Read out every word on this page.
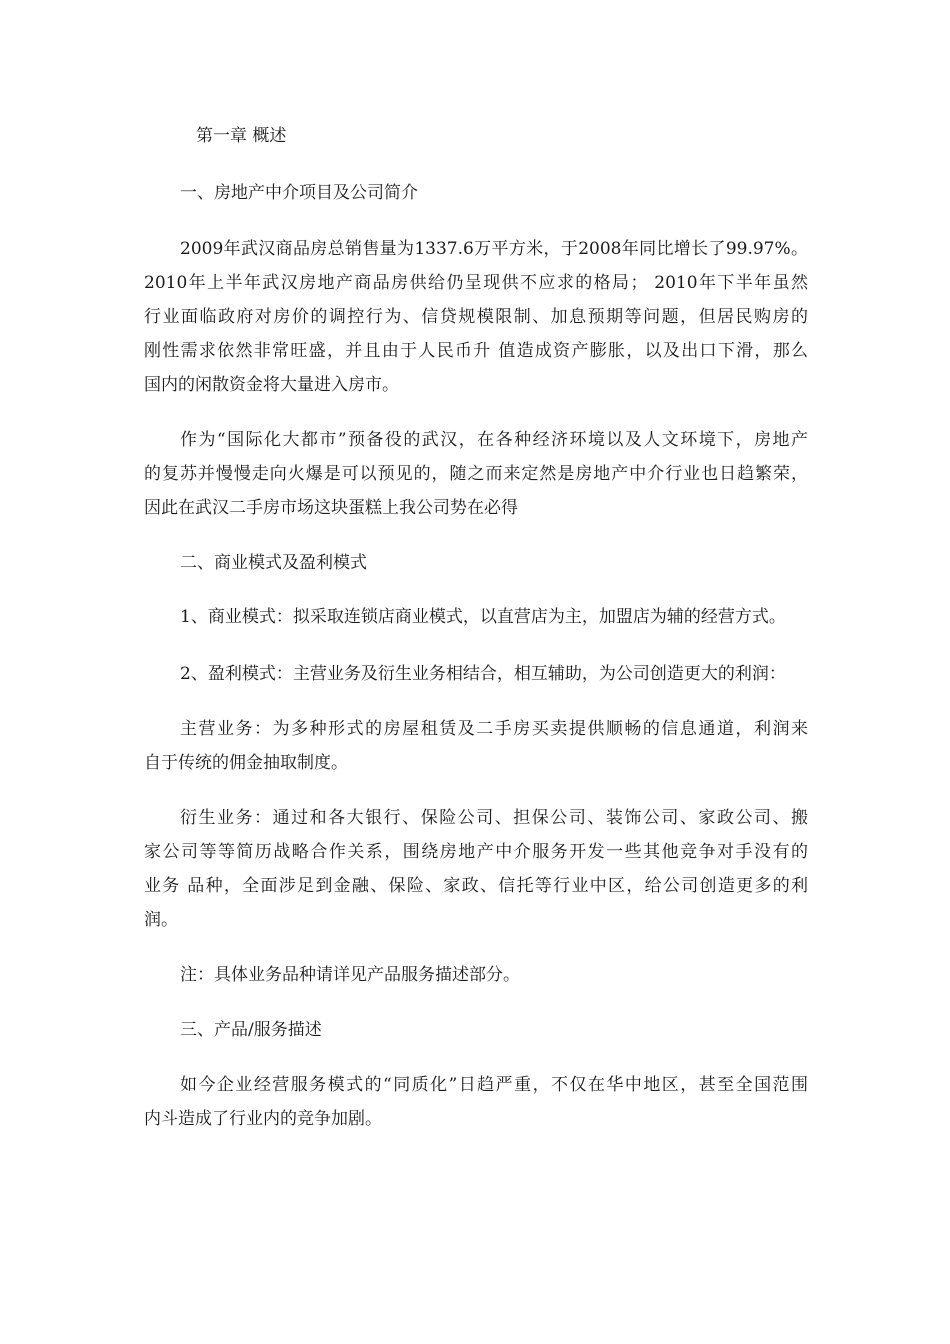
第一章 概述
一、房地产中介项目及公司简介
2009年武汉商品房总销售量为1337.6万平方米，于2008年同比增长了99.97%。
2010年上半年武汉房地产商品房供给仍呈现供不应求的格局； 2010年下半年虽然
行业面临政府对房价的调控行为、信贷规模限制、加息预期等问题，但居民购房的
刚性需求依然非常旺盛，并且由于人民币升 值造成资产膨胀，以及出口下滑，那么
国内的闲散资金将大量进入房市。
作为“国际化大都市”预备役的武汉，在各种经济环境以及人文环境下，房地产
的复苏并慢慢走向火爆是可以预见的，随之而来定然是房地产中介行业也日趋繁荣，
因此在武汉二手房市场这块蛋糕上我公司势在必得
二、商业模式及盈利模式
1、商业模式：拟采取连锁店商业模式，以直营店为主，加盟店为辅的经营方式。
2、盈利模式：主营业务及衍生业务相结合，相互辅助，为公司创造更大的利润：
主营业务：为多种形式的房屋租赁及二手房买卖提供顺畅的信息通道，利润来
自于传统的佣金抽取制度。
衍生业务：通过和各大银行、保险公司、担保公司、装饰公司、家政公司、搬
家公司等等简历战略合作关系，围绕房地产中介服务开发一些其他竞争对手没有的
业务 品种，全面涉足到金融、保险、家政、信托等行业中区，给公司创造更多的利
润。
注：具体业务品种请详见产品服务描述部分。
三、产品/服务描述
如今企业经营服务模式的“同质化”日趋严重，不仅在华中地区，甚至全国范围
内斗造成了行业内的竞争加剧。
